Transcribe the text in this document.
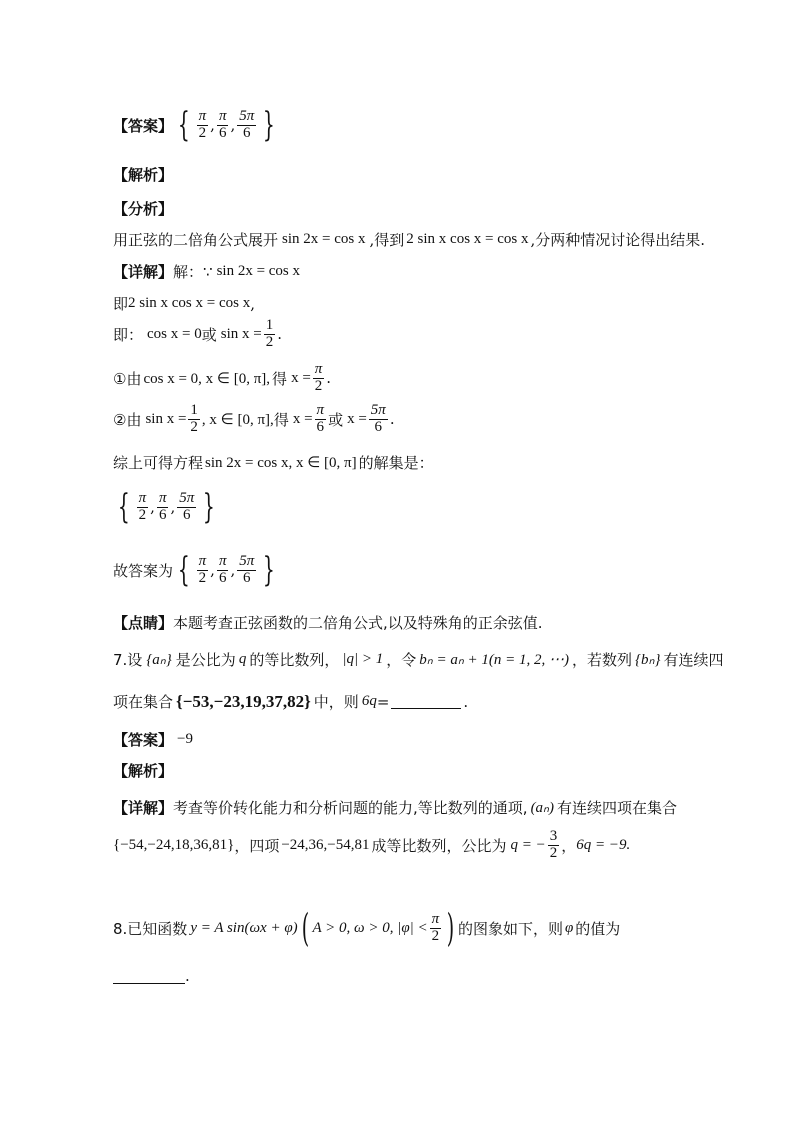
【答案】 { $\frac{\pi}{2}$ , $\frac{\pi}{6}$ , $\frac{5\pi}{6}$ }
【解析】
【分析】
用正弦的二倍角公式展开 sin 2x = cos x , 得到 2 sin x cos x = cos x , 分两种情况讨论得出结果.
【详解】 解：∵ sin 2x = cos x
即 2 sin x cos x = cos x ,
即： cos x = 0 或 $\sin x = \frac{1}{2}$ .
①由 cos x = 0, x ∈ [0, π], 得 $x = \frac{\pi}{2}$ .
②由 $\sin x = \frac{1}{2}$ , x ∈ [0, π], 得 $x = \frac{\pi}{6}$ 或 $x = \frac{5\pi}{6}$ .
综上可得方程 sin 2x = cos x, x ∈ [0, π] 的解集是：
{ $\frac{\pi}{2}$ , $\frac{\pi}{6}$ , $\frac{5\pi}{6}$ }
故答案为 { $\frac{\pi}{2}$ , $\frac{\pi}{6}$ , $\frac{5\pi}{6}$ }
【点睛】 本题考查正弦函数的二倍角公式,以及特殊角的正余弦值.
7.设 {aₙ} 是公比为 q 的等比数列， |q| > 1 ，令 bₙ = aₙ + 1(n = 1, 2, ⋯) ，若数列 {bₙ} 有连续四
项在集合 {−53,−23,19,37,82} 中，则 6q =	.
【答案】 −9
【解析】
【详解】 考查等价转化能力和分析问题的能力,等比数列的通项, (aₙ) 有连续四项在集合
{−54,−24,18,36,81} ，四项 −24,36,−54,81 成等比数列，公比为 q = − $\frac{3}{2}$ ， 6q = −9.
8.已知函数 y = A sin(ωx + φ) ( A > 0, ω > 0, $|\varphi| < \frac{\pi}{2}$ ) 的图象如下，则 φ 的值为
.
